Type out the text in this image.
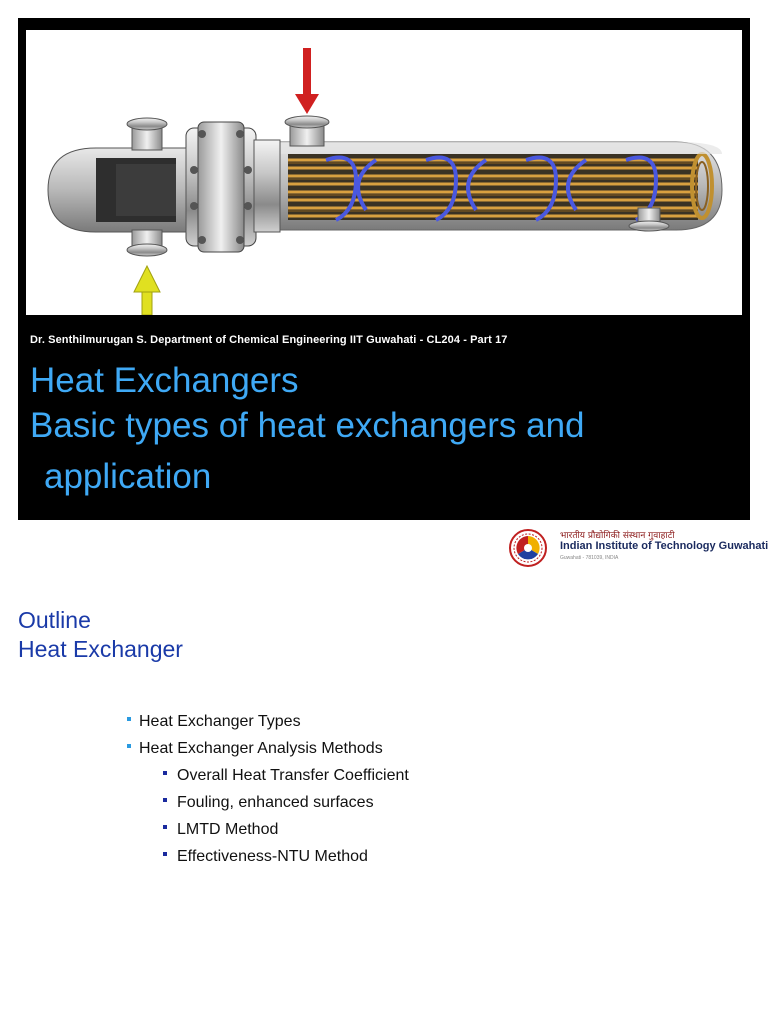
Dr. Senthilmurugan S. Department of Chemical Engineering IIT Guwahati - CL204 - Part 17
Heat Exchangers
Basic types of heat exchangers and
application
भारतीय प्रौद्योगिकी संस्थान गुवाहाटी
Indian Institute of Technology Guwahati
Guwahati - 781039, INDIA
Outline
Heat Exchanger
Heat Exchanger Types
Heat Exchanger Analysis Methods
Overall Heat Transfer Coefficient
Fouling, enhanced surfaces
LMTD Method
Effectiveness-NTU Method
